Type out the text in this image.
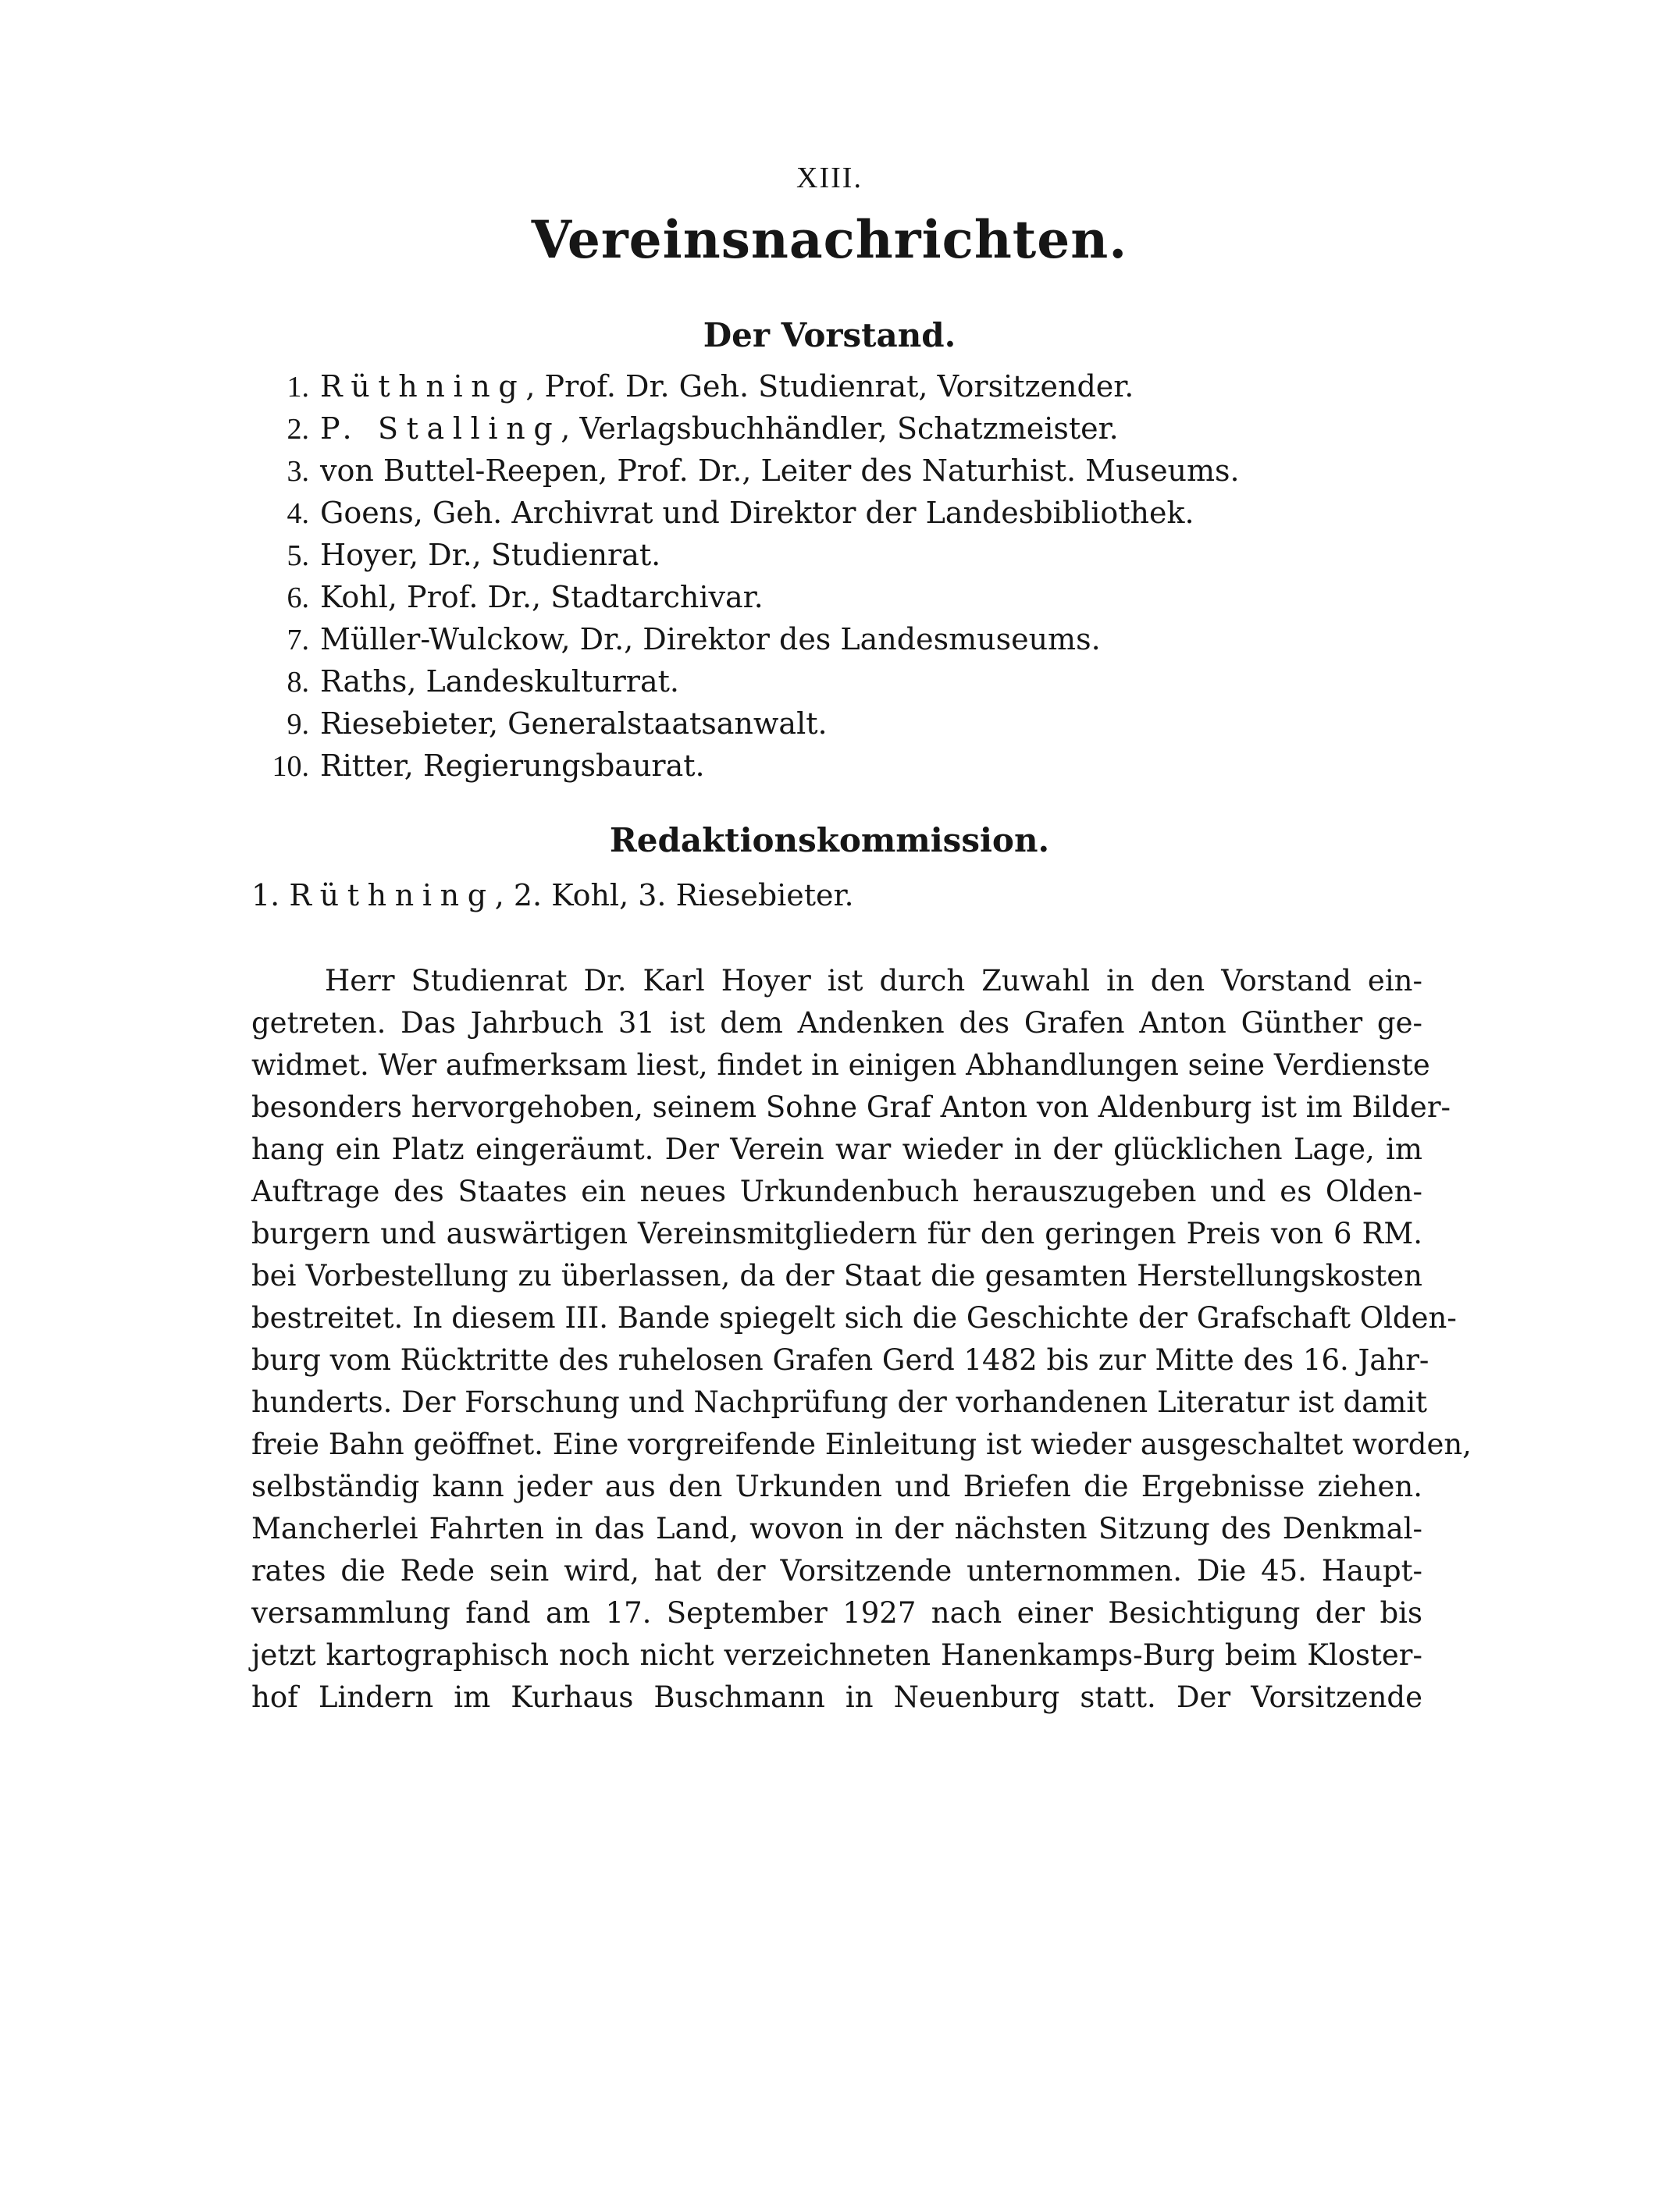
XIII.
Vereinsnachrichten.
Der Vorstand.
1. Rüthning, Prof. Dr. Geh. Studienrat, Vorsitzender.
2. P. Stalling, Verlagsbuchhändler, Schatzmeister.
3. von Buttel-Reepen, Prof. Dr., Leiter des Naturhist. Museums.
4. Goens, Geh. Archivrat und Direktor der Landesbibliothek.
5. Hoyer, Dr., Studienrat.
6. Kohl, Prof. Dr., Stadtarchivar.
7. Müller-Wulckow, Dr., Direktor des Landesmuseums.
8. Raths, Landeskulturrat.
9. Riesebieter, Generalstaatsanwalt.
10. Ritter, Regierungsbaurat.
Redaktionskommission.
1. Rüthning, 2. Kohl, 3. Riesebieter.

Herr Studienrat Dr. Karl Hoyer ist durch Zuwahl in den Vorstand ein-
getreten. Das Jahrbuch 31 ist dem Andenken des Grafen Anton Günther ge-
widmet. Wer aufmerksam liest, findet in einigen Abhandlungen seine Verdienste
besonders hervorgehoben, seinem Sohne Graf Anton von Aldenburg ist im Bilder-
hang ein Platz eingeräumt. Der Verein war wieder in der glücklichen Lage, im
Auftrage des Staates ein neues Urkundenbuch herauszugeben und es Olden-
burgern und auswärtigen Vereinsmitgliedern für den geringen Preis von 6 RM.
bei Vorbestellung zu überlassen, da der Staat die gesamten Herstellungskosten
bestreitet. In diesem III. Bande spiegelt sich die Geschichte der Grafschaft Olden-
burg vom Rücktritte des ruhelosen Grafen Gerd 1482 bis zur Mitte des 16. Jahr-
hunderts. Der Forschung und Nachprüfung der vorhandenen Literatur ist damit
freie Bahn geöffnet. Eine vorgreifende Einleitung ist wieder ausgeschaltet worden,
selbständig kann jeder aus den Urkunden und Briefen die Ergebnisse ziehen.
Mancherlei Fahrten in das Land, wovon in der nächsten Sitzung des Denkmal-
rates die Rede sein wird, hat der Vorsitzende unternommen. Die 45. Haupt-
versammlung fand am 17. September 1927 nach einer Besichtigung der bis
jetzt kartographisch noch nicht verzeichneten Hanenkamps-Burg beim Kloster-
hof Lindern im Kurhaus Buschmann in Neuenburg statt. Der Vorsitzende
